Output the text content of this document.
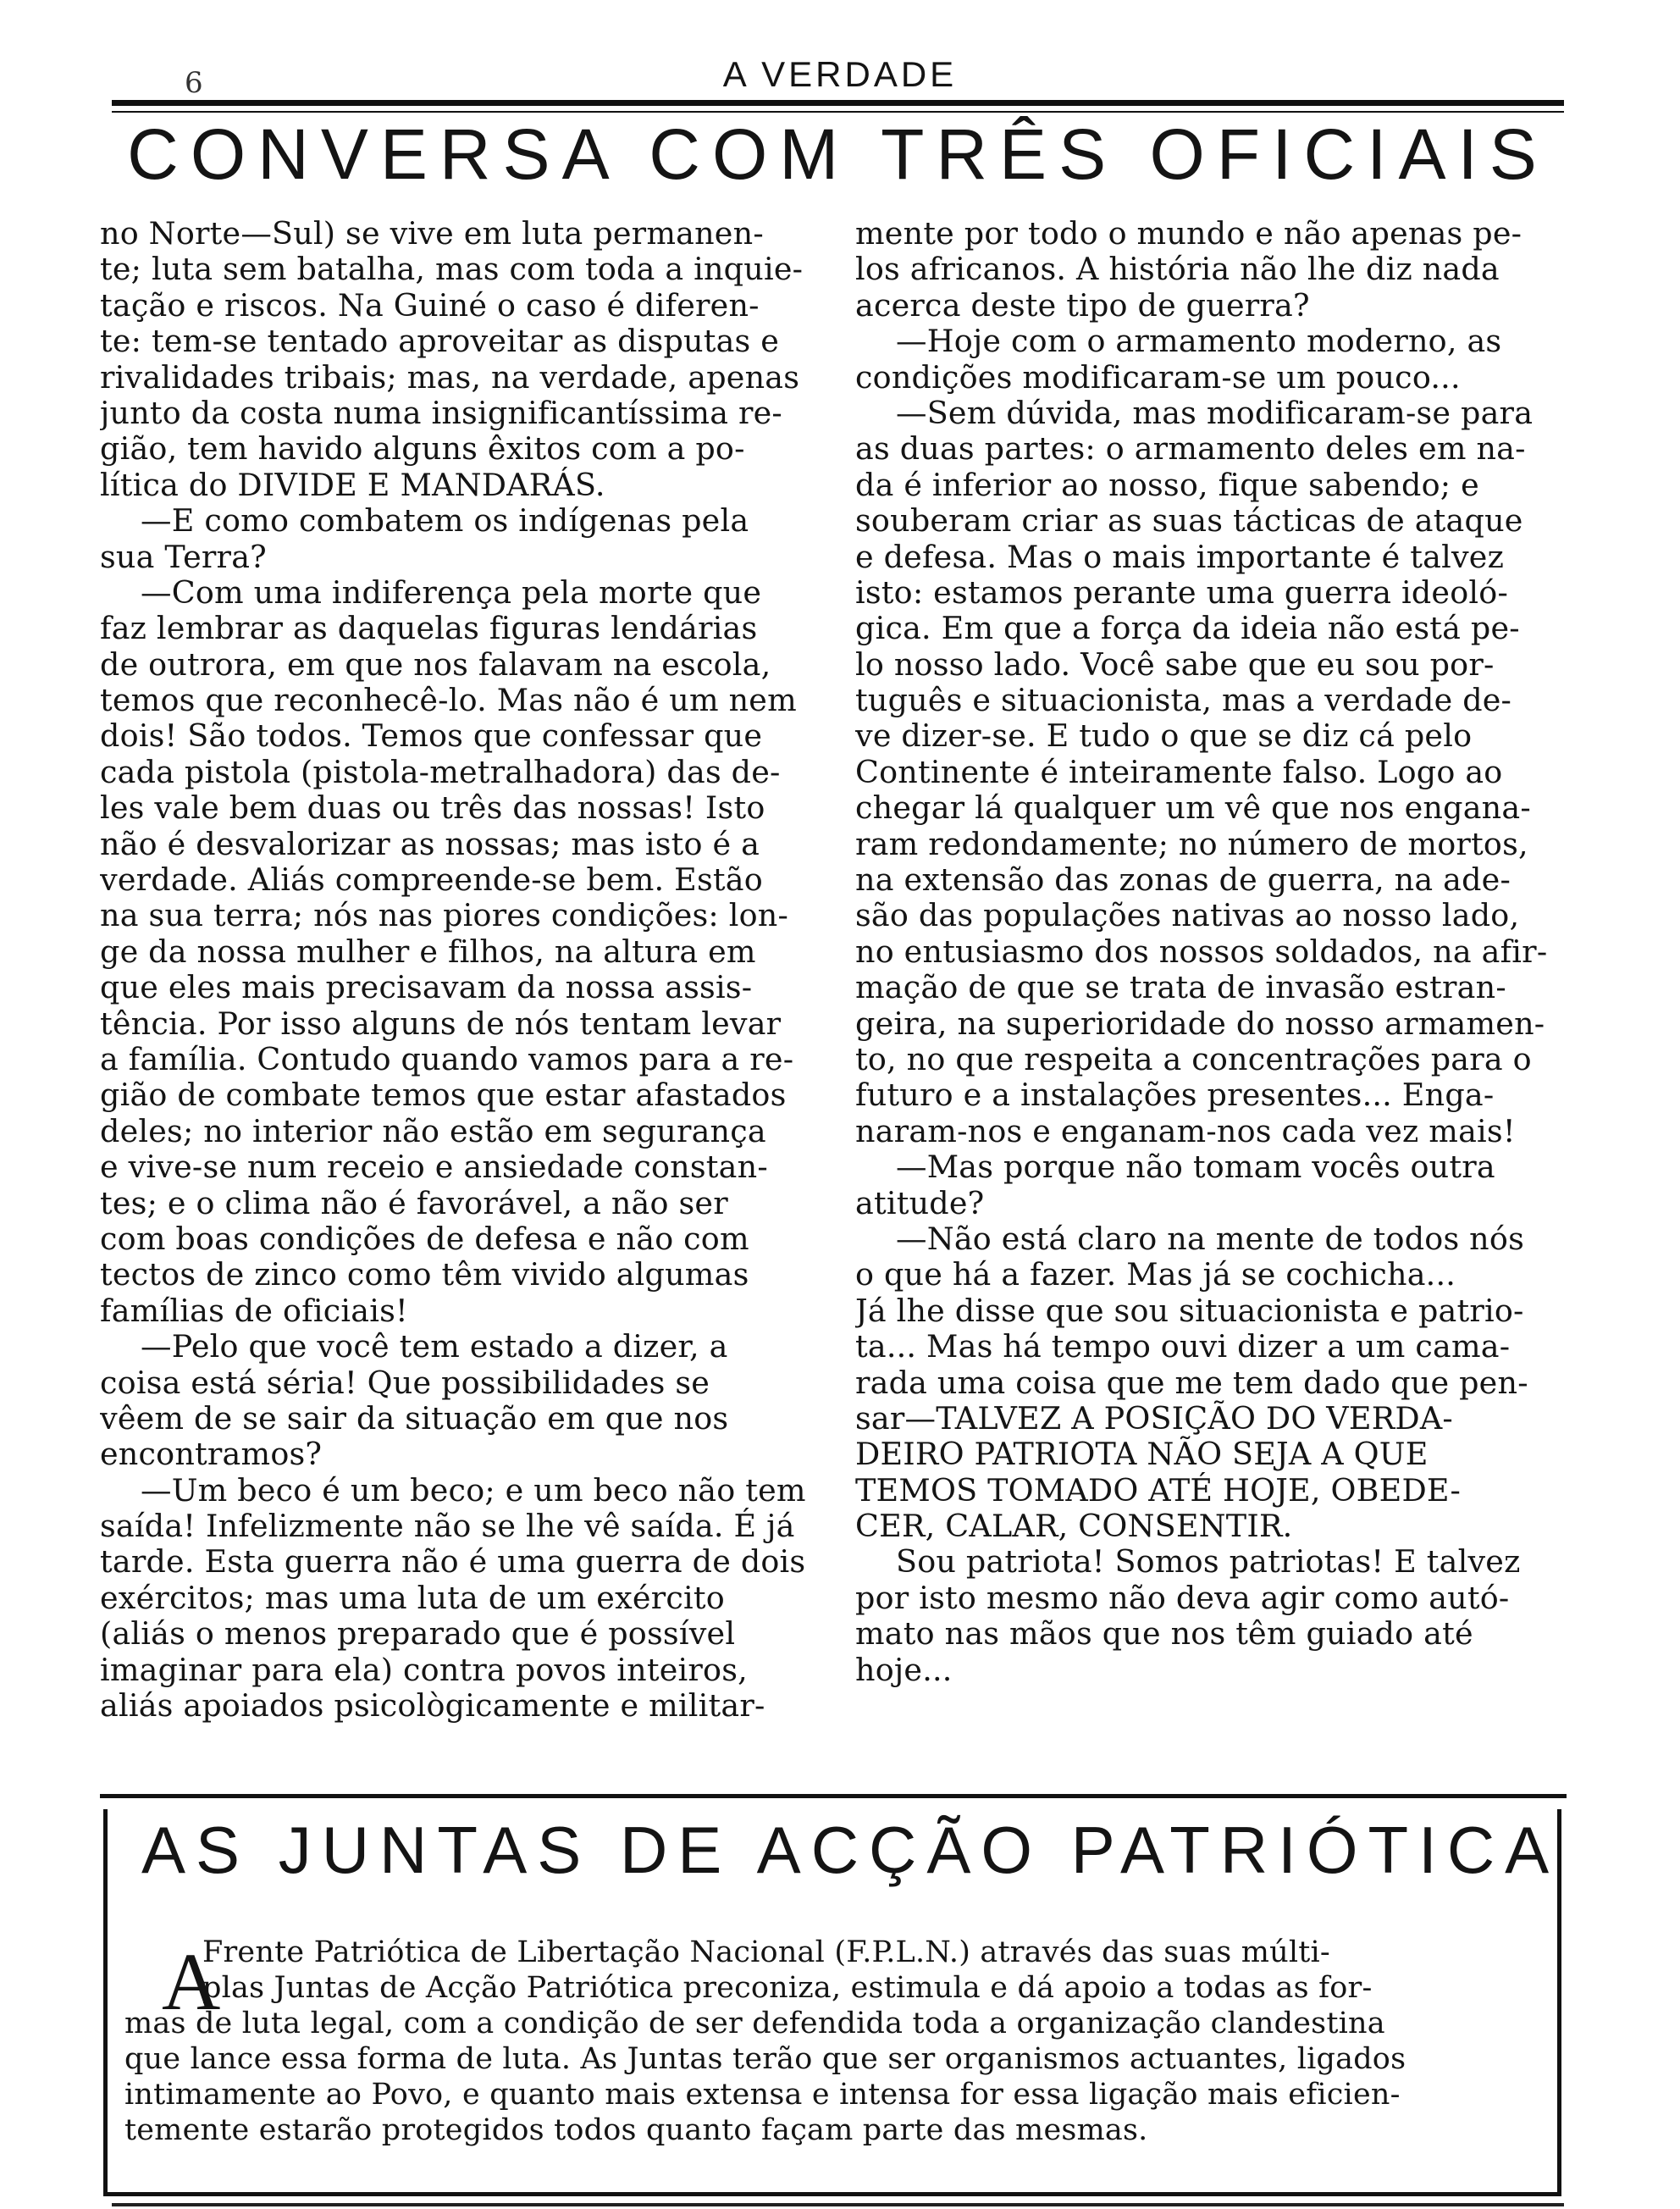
6	A VERDADE
CONVERSA COM TRÊS OFICIAIS
no Norte—Sul) se vive em luta permanen-
te; luta sem batalha, mas com toda a inquie-
tação e riscos. Na Guiné o caso é diferen-
te: tem-se tentado aproveitar as disputas e
rivalidades tribais; mas, na verdade, apenas
junto da costa numa insignificantíssima re-
gião, tem havido alguns êxitos com a po-
lítica do DIVIDE E MANDARÁS.
—E como combatem os indígenas pela
sua Terra?
—Com uma indiferença pela morte que
faz lembrar as daquelas figuras lendárias
de outrora, em que nos falavam na escola,
temos que reconhecê-lo. Mas não é um nem
dois! São todos. Temos que confessar que
cada pistola (pistola-metralhadora) das de-
les vale bem duas ou três das nossas! Isto
não é desvalorizar as nossas; mas isto é a
verdade. Aliás compreende-se bem. Estão
na sua terra; nós nas piores condições: lon-
ge da nossa mulher e filhos, na altura em
que eles mais precisavam da nossa assis-
tência. Por isso alguns de nós tentam levar
a família. Contudo quando vamos para a re-
gião de combate temos que estar afastados
deles; no interior não estão em segurança
e vive-se num receio e ansiedade constan-
tes; e o clima não é favorável, a não ser
com boas condições de defesa e não com
tectos de zinco como têm vivido algumas
famílias de oficiais!
—Pelo que você tem estado a dizer, a
coisa está séria! Que possibilidades se
vêem de se sair da situação em que nos
encontramos?
—Um beco é um beco; e um beco não tem
saída! Infelizmente não se lhe vê saída. É já
tarde. Esta guerra não é uma guerra de dois
exércitos; mas uma luta de um exército
(aliás o menos preparado que é possível
imaginar para ela) contra povos inteiros,
aliás apoiados psicològicamente e militar-
mente por todo o mundo e não apenas pe-
los africanos. A história não lhe diz nada
acerca deste tipo de guerra?
—Hoje com o armamento moderno, as
condições modificaram-se um pouco...
—Sem dúvida, mas modificaram-se para
as duas partes: o armamento deles em na-
da é inferior ao nosso, fique sabendo; e
souberam criar as suas tácticas de ataque
e defesa. Mas o mais importante é talvez
isto: estamos perante uma guerra ideoló-
gica. Em que a força da ideia não está pe-
lo nosso lado. Você sabe que eu sou por-
tuguês e situacionista, mas a verdade de-
ve dizer-se. E tudo o que se diz cá pelo
Continente é inteiramente falso. Logo ao
chegar lá qualquer um vê que nos engana-
ram redondamente; no número de mortos,
na extensão das zonas de guerra, na ade-
são das populações nativas ao nosso lado,
no entusiasmo dos nossos soldados, na afir-
mação de que se trata de invasão estran-
geira, na superioridade do nosso armamen-
to, no que respeita a concentrações para o
futuro e a instalações presentes... Enga-
naram-nos e enganam-nos cada vez mais!
—Mas porque não tomam vocês outra
atitude?
—Não está claro na mente de todos nós
o que há a fazer. Mas já se cochicha...
Já lhe disse que sou situacionista e patrio-
ta... Mas há tempo ouvi dizer a um cama-
rada uma coisa que me tem dado que pen-
sar—TALVEZ A POSIÇÃO DO VERDA-
DEIRO PATRIOTA NÃO SEJA A QUE
TEMOS TOMADO ATÉ HOJE, OBEDE-
CER, CALAR, CONSENTIR.
Sou patriota! Somos patriotas! E talvez
por isto mesmo não deva agir como autó-
mato nas mãos que nos têm guiado até
hoje...
AS JUNTAS DE ACÇÃO PATRIÓTICA
A
Frente Patriótica de Libertação Nacional (F.P.L.N.) através das suas múlti-
plas Juntas de Acção Patriótica preconiza, estimula e dá apoio a todas as for-
mas de luta legal, com a condição de ser defendida toda a organização clandestina
que lance essa forma de luta. As Juntas terão que ser organismos actuantes, ligados
intimamente ao Povo, e quanto mais extensa e intensa for essa ligação mais eficien-
temente estarão protegidos todos quanto façam parte das mesmas.
